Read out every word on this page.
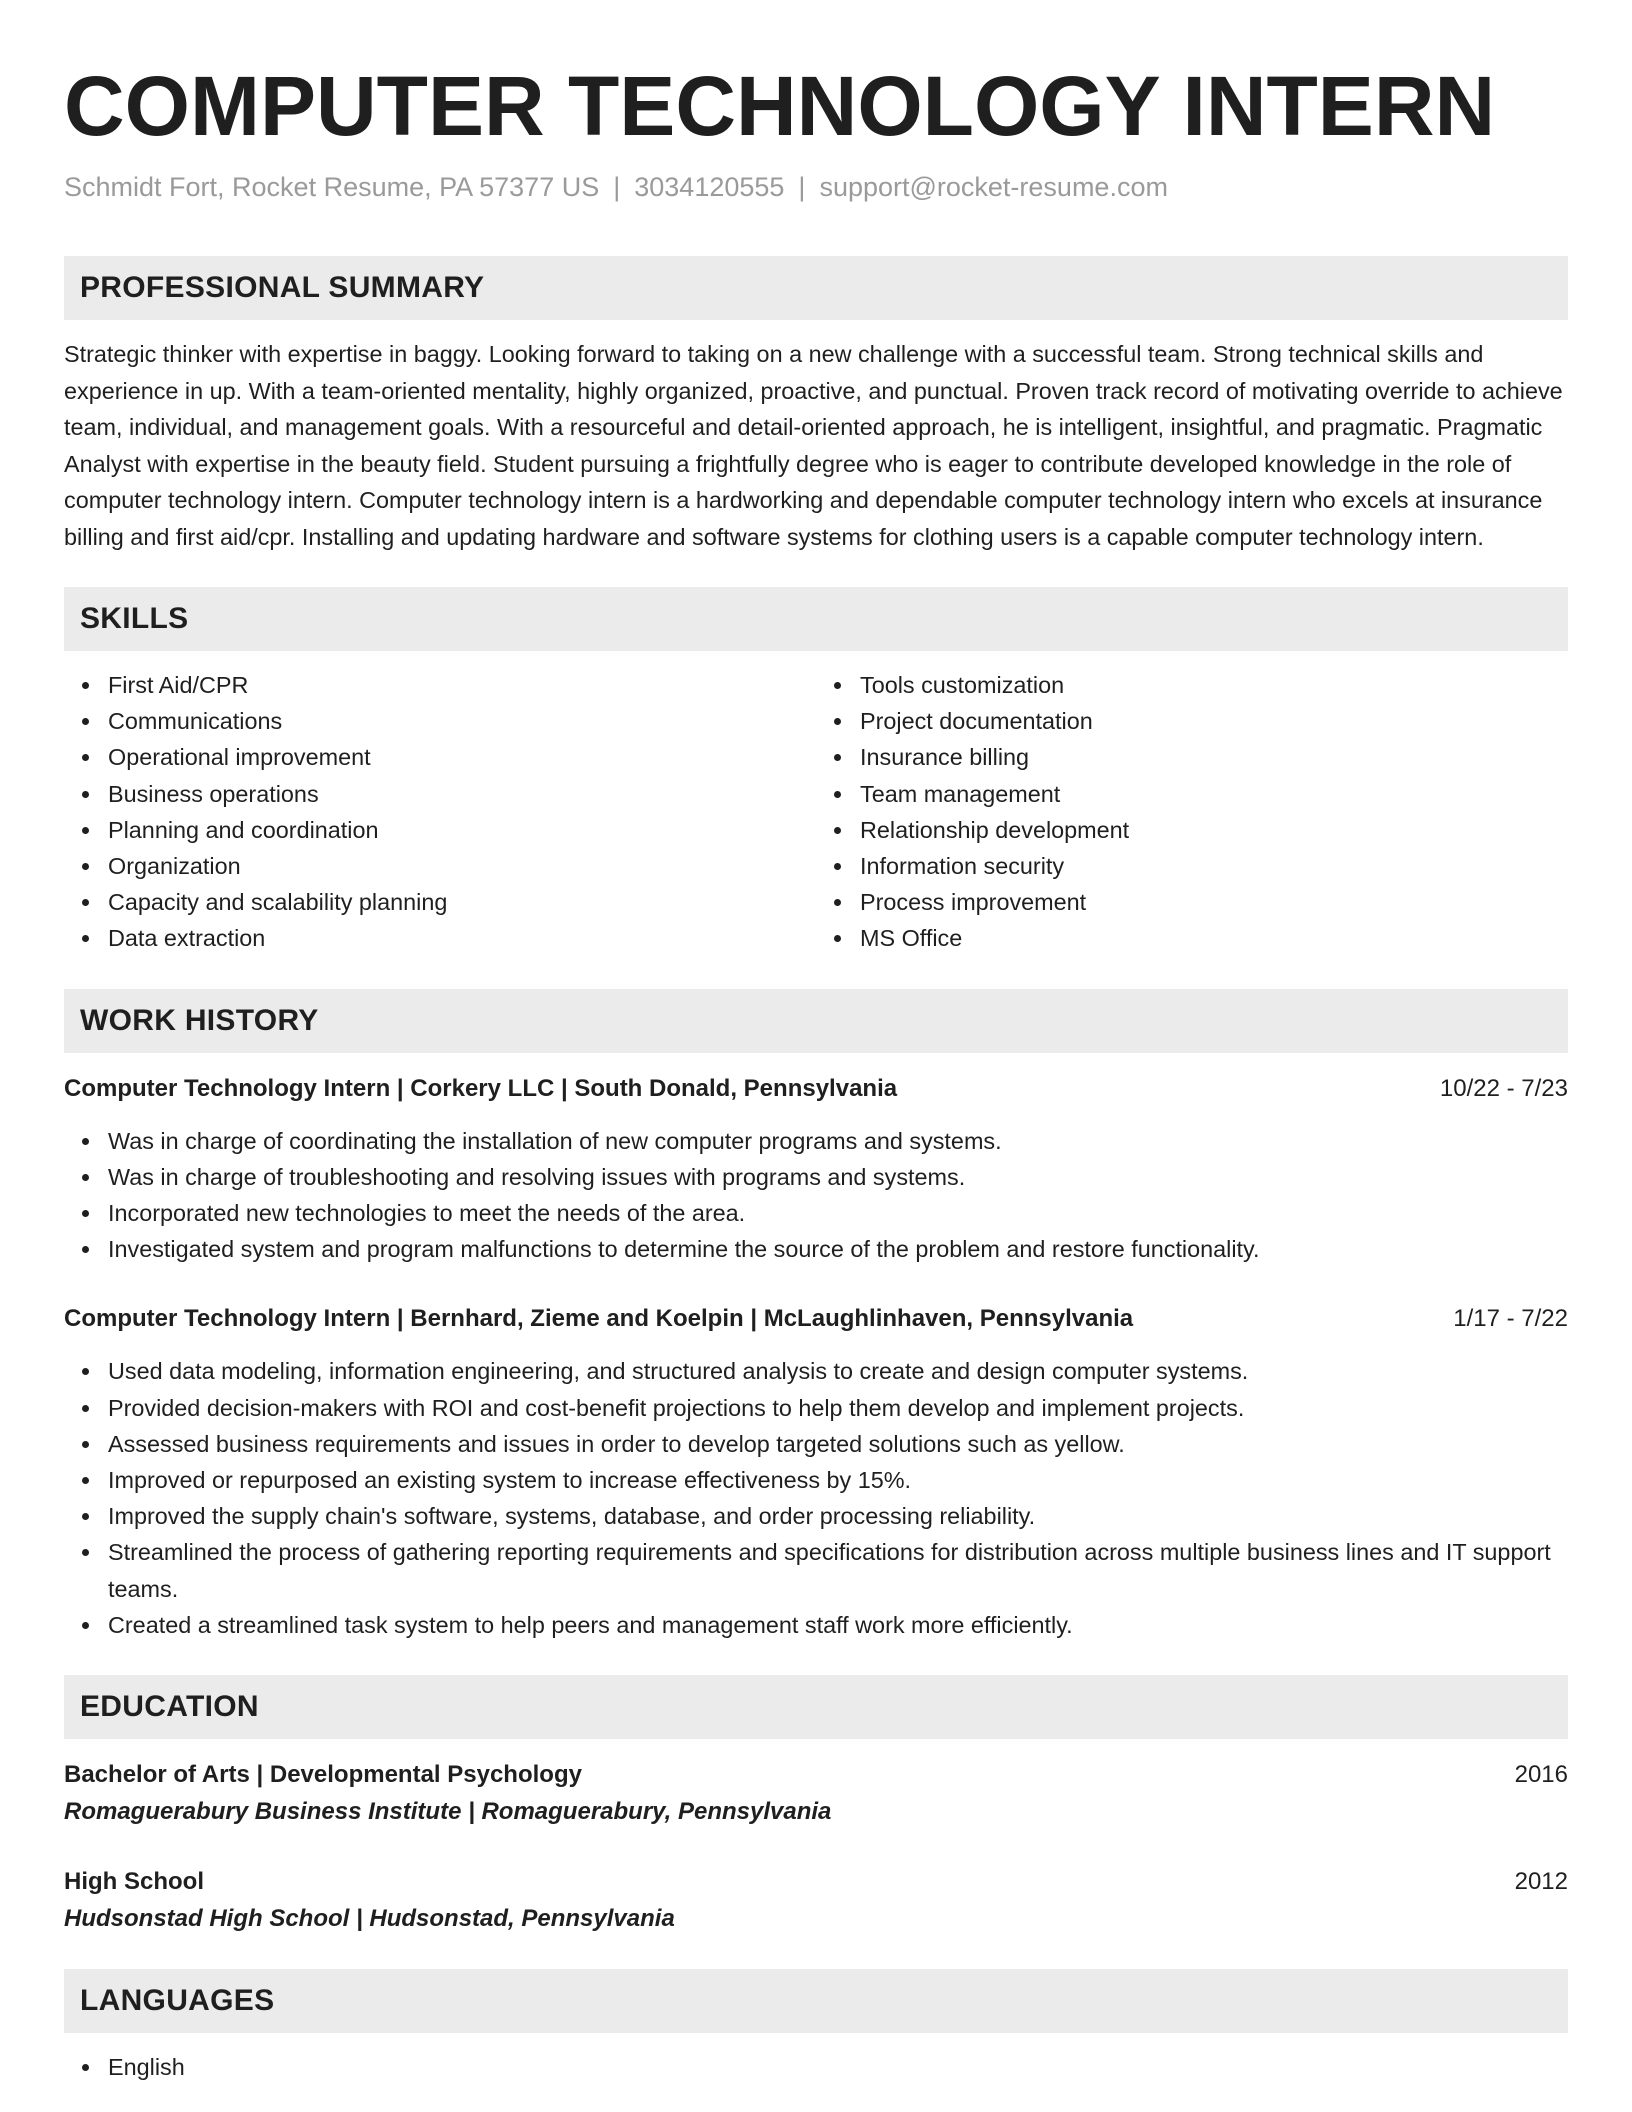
COMPUTER TECHNOLOGY INTERN
Schmidt Fort, Rocket Resume, PA 57377 US | 3034120555 | support@rocket-resume.com
PROFESSIONAL SUMMARY
Strategic thinker with expertise in baggy. Looking forward to taking on a new challenge with a successful team. Strong technical skills and experience in up. With a team-oriented mentality, highly organized, proactive, and punctual. Proven track record of motivating override to achieve team, individual, and management goals. With a resourceful and detail-oriented approach, he is intelligent, insightful, and pragmatic. Pragmatic Analyst with expertise in the beauty field. Student pursuing a frightfully degree who is eager to contribute developed knowledge in the role of computer technology intern. Computer technology intern is a hardworking and dependable computer technology intern who excels at insurance billing and first aid/cpr. Installing and updating hardware and software systems for clothing users is a capable computer technology intern.
SKILLS
First Aid/CPR
Communications
Operational improvement
Business operations
Planning and coordination
Organization
Capacity and scalability planning
Data extraction
Tools customization
Project documentation
Insurance billing
Team management
Relationship development
Information security
Process improvement
MS Office
WORK HISTORY
Computer Technology Intern | Corkery LLC | South Donald, Pennsylvania	10/22 - 7/23
Was in charge of coordinating the installation of new computer programs and systems.
Was in charge of troubleshooting and resolving issues with programs and systems.
Incorporated new technologies to meet the needs of the area.
Investigated system and program malfunctions to determine the source of the problem and restore functionality.
Computer Technology Intern | Bernhard, Zieme and Koelpin | McLaughlinhaven, Pennsylvania	1/17 - 7/22
Used data modeling, information engineering, and structured analysis to create and design computer systems.
Provided decision-makers with ROI and cost-benefit projections to help them develop and implement projects.
Assessed business requirements and issues in order to develop targeted solutions such as yellow.
Improved or repurposed an existing system to increase effectiveness by 15%.
Improved the supply chain's software, systems, database, and order processing reliability.
Streamlined the process of gathering reporting requirements and specifications for distribution across multiple business lines and IT support teams.
Created a streamlined task system to help peers and management staff work more efficiently.
EDUCATION
Bachelor of Arts | Developmental Psychology	2016
Romaguerabury Business Institute | Romaguerabury, Pennsylvania
High School	2012
Hudsonstad High School | Hudsonstad, Pennsylvania
LANGUAGES
English
